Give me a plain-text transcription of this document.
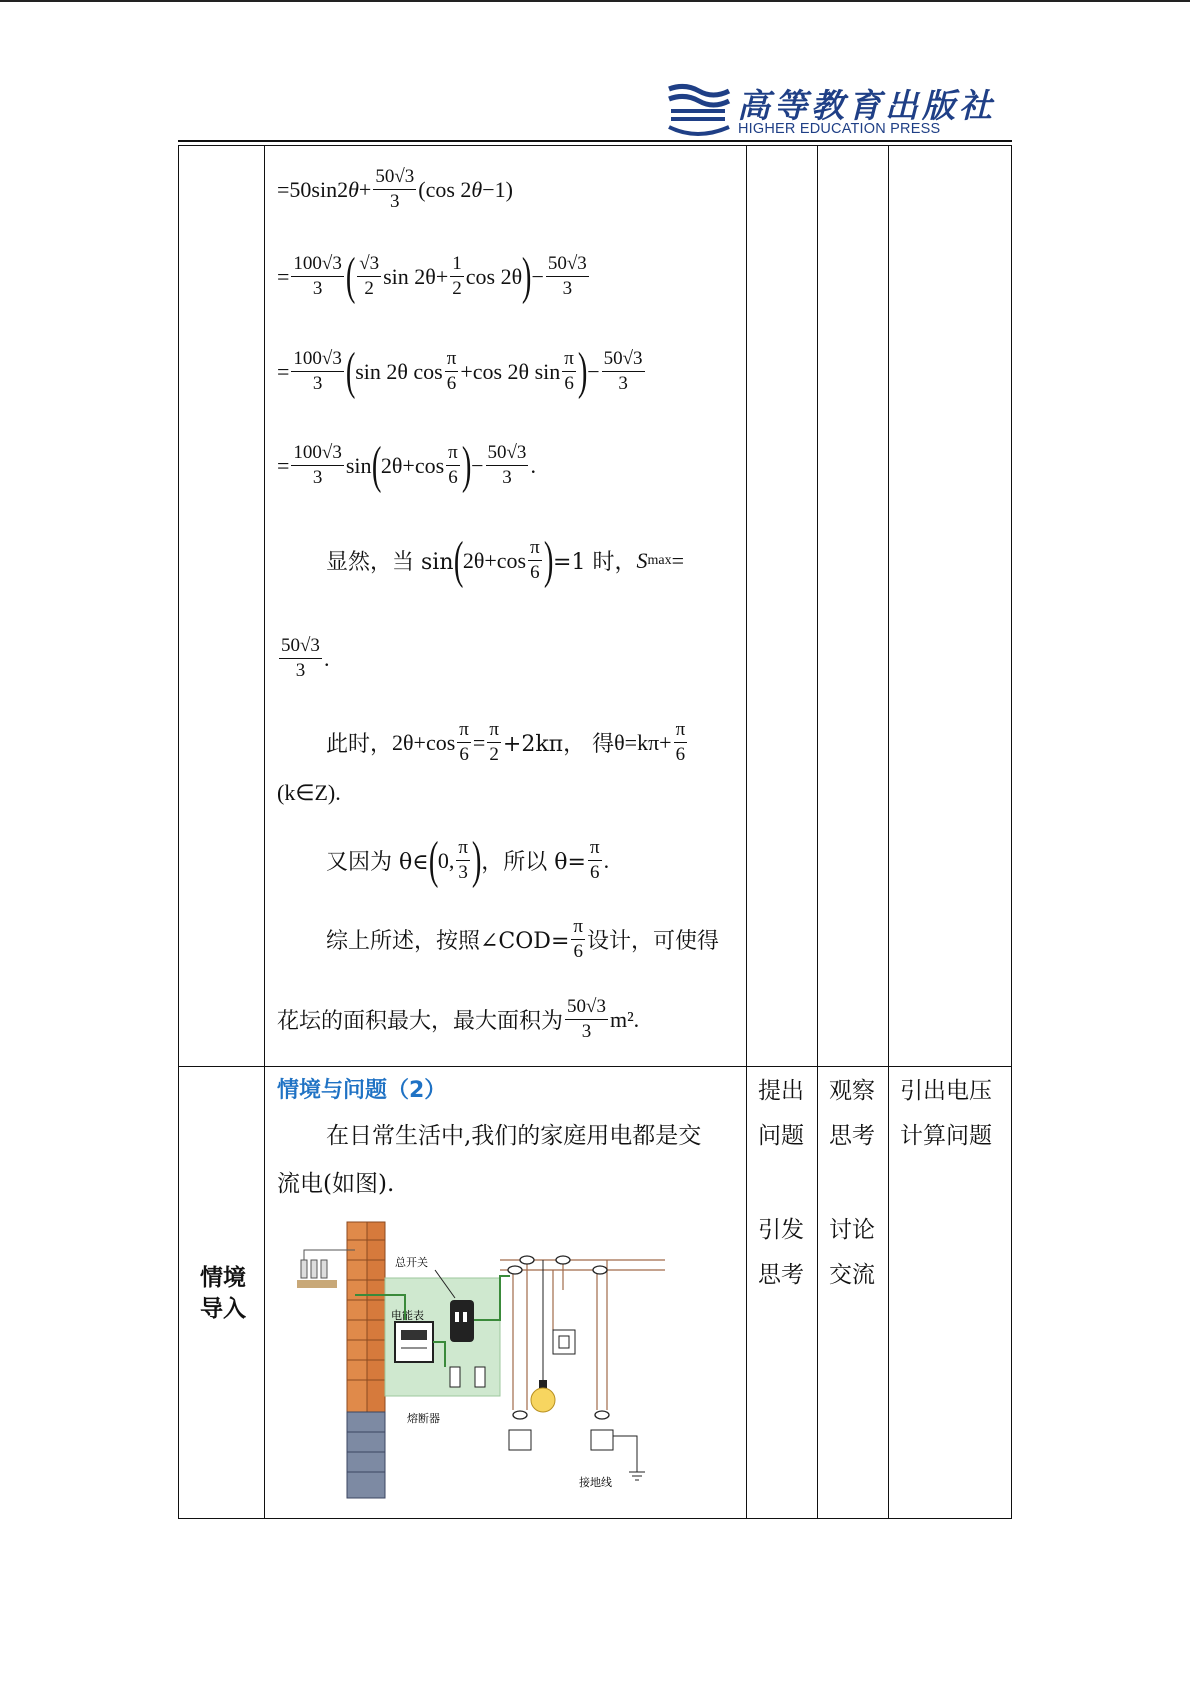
高等教育出版社
HIGHER EDUCATION PRESS
=50sin2 $\theta + \frac{50√3}{3} (\cos$ 2 θ −1)
= $\frac{100√3}{3}$ ( $\frac{√3}{2}$ $\sin 2\theta+ \frac{1}{2}$ cos 2θ ) − $\frac{50√3}{3}$
= $\frac{100√3}{3}$ ( sin 2θ $\cos \frac{\pi}{6} +\cos$ 2θ $\sin \frac{\pi}{6}$ ) − $\frac{50√3}{3}$
= $\frac{100√3}{3}$ sin ( $2\theta+\cos \frac{\pi}{6}$ ) − $\frac{50√3}{3}$ .
显然，当 sin ( $2\theta+\cos \frac{\pi}{6}$ ) =1 时， S max =
$\frac{50√3}{3}$ .
此时， $2\theta+\cos \frac{\pi}{6} = \frac{\pi}{2} +2k\pi$， 得 $\theta=k\pi+ \frac{\pi}{6}$
(k∈Z).
又因为 θ∈ ( 0, $\frac{\pi}{3}$ ) ，所以 $\theta= \frac{\pi}{6}$ .
综上所述，按照∠COD= $\frac{\pi}{6}$ 设计，可使得
花坛的面积最大，最大面积为 $\frac{50√3}{3} m^2$.
情境
导入
情境与问题（2）
在日常生活中,我们的家庭用电都是交
流电(如图).
提出
问题
引发
思考
观察
思考
讨论
交流
引出电压
计算问题
电能表
总开关
熔断器
接地线
